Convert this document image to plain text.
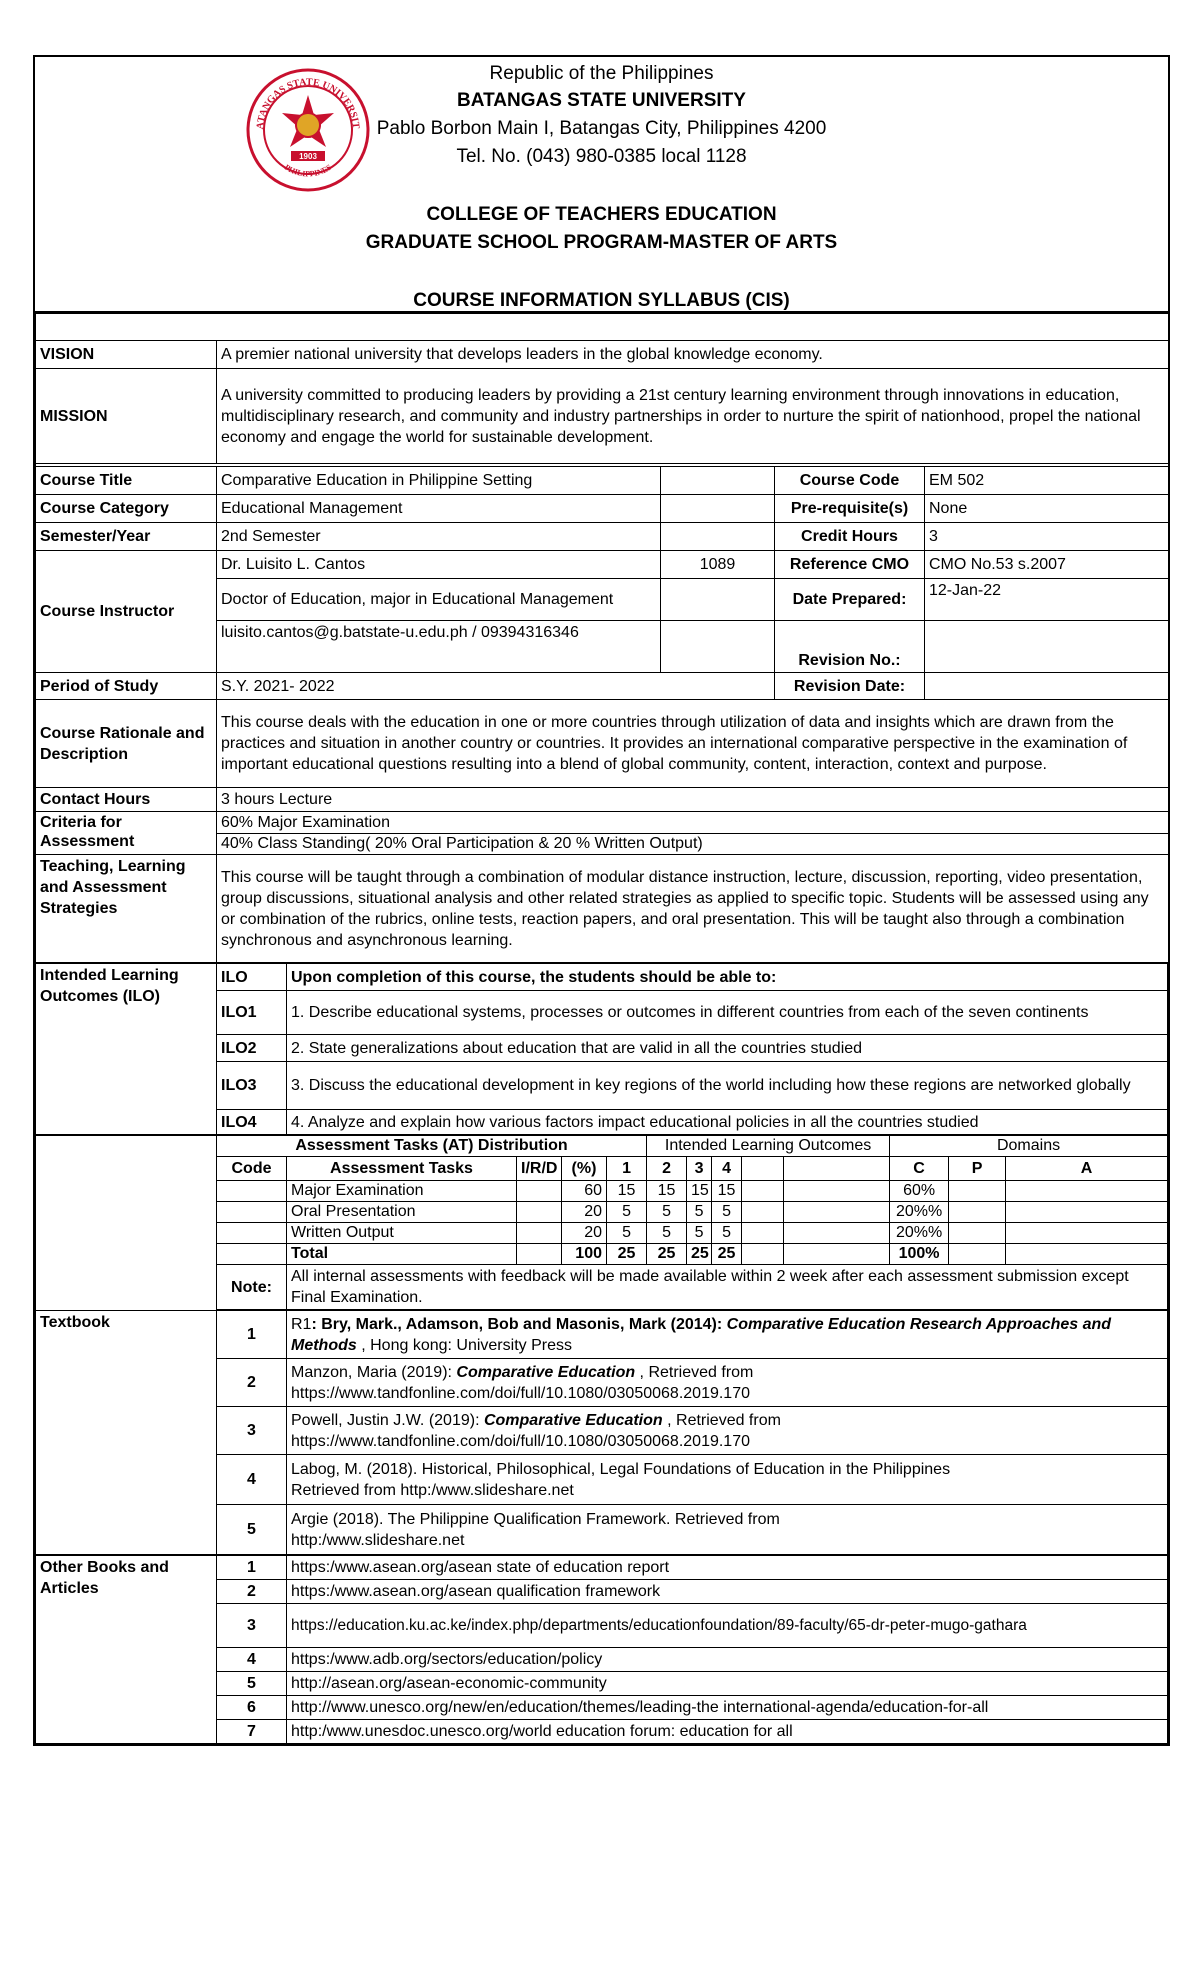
ATANGAS STATE UNIVERSIT
1903
PHILIPPINES
Republic of the Philippines
BATANGAS STATE UNIVERSITY
Pablo Borbon Main I, Batangas City, Philippines 4200
Tel. No. (043) 980-0385 local 1128
COLLEGE OF TEACHERS EDUCATION
GRADUATE SCHOOL PROGRAM-MASTER OF ARTS
COURSE INFORMATION SYLLABUS (CIS)

VISION	A premier national university that develops leaders in the global knowledge economy.			
MISSION	A university committed to producing leaders by providing a 21st century learning environment through innovations in education, multidisciplinary research, and community and industry partnerships in order to nurture the spirit of nationhood, propel the national economy and engage the world for sustainable development.			

Course Title	Comparative Education in Philippine Setting		Course Code	EM 502
Course Category	Educational Management		Pre-requisite(s)	None
Semester/Year	2nd Semester		Credit Hours	3
Course Instructor	Dr. Luisito L. Cantos	1089	Reference CMO	CMO No.53 s.2007
	Doctor of Education, major in Educational Management		Date Prepared:	12-Jan-22
	luisito.cantos@g.batstate-u.edu.ph / 09394316346		Revision No.:	
Period of Study	S.Y. 2021- 2022		Revision Date:	
Course Rationale and Description	This course deals with the education in one or more countries through utilization of data and insights which are drawn from the practices and situation in another country or countries. It provides an international comparative perspective in the examination of important educational questions resulting into a blend of global community, content, interaction, context and purpose.			
Contact Hours	3 hours Lecture			

Criteria for Assessment	60% Major Examination			
	40% Class Standing( 20% Oral Participation & 20 % Written Output)			
Teaching, Learning and Assessment Strategies	This course will be taught through a combination of modular distance instruction, lecture, discussion, reporting, video presentation, group discussions, situational analysis and other related strategies as applied to specific topic. Students will be assessed using any or combination of the rubrics, online tests, reaction papers, and oral presentation. This will be taught also through a combination synchronous and asynchronous learning.			
Intended Learning Outcomes (ILO)	ILO	Upon completion of this course, the students should be able to:
	ILO1	1. Describe educational systems, processes or outcomes in different countries from each of the seven continents
	ILO2	2. State generalizations about education that are valid in all the countries studied
	ILO3	3. Discuss the educational development in key regions of the world including how these regions are networked globally
	ILO4	4. Analyze and explain how various factors impact educational policies in all the countries studied
	Assessment Tasks (AT) Distribution					Intended Learning Outcomes					Domains		
	Code	Assessment Tasks	I/R/D	(%)	1	2	3	4			C	P	A
		Major Examination		60	15	15	15	15			60%		
		Oral Presentation		20	5	5	5	5			20%%		
		Written Output		20	5	5	5	5			20%%		
		Total		100	25	25	25	25			100%		
	Note:	All internal assessments with feedback will be made available within 2 week after each assessment submission except Final Examination.											
Textbook	1	R1: Bry, Mark., Adamson, Bob and Masonis, Mark (2014): Comparative Education Research Approaches and Methods , Hong kong: University Press
	2	Manzon, Maria (2019): Comparative Education , Retrieved from
https://www.tandfonline.com/doi/full/10.1080/03050068.2019.170
	3	Powell, Justin J.W. (2019): Comparative Education , Retrieved from
https://www.tandfonline.com/doi/full/10.1080/03050068.2019.170
	4	Labog, M. (2018). Historical, Philosophical, Legal Foundations of Education in the Philippines
Retrieved from http:/www.slideshare.net
	5	Argie (2018). The Philippine Qualification Framework. Retrieved from
http:/www.slideshare.net
Other Books and Articles	1	https:/www.asean.org/asean state of education report
	2	https:/www.asean.org/asean qualification framework
	3	https://education.ku.ac.ke/index.php/departments/educationfoundation/89-faculty/65-dr-peter-mugo-gathara
	4	https:/www.adb.org/sectors/education/policy
	5	http://asean.org/asean-economic-community
	6	http://www.unesco.org/new/en/education/themes/leading-the international-agenda/education-for-all
	7	http:/www.unesdoc.unesco.org/world education forum: education for all
